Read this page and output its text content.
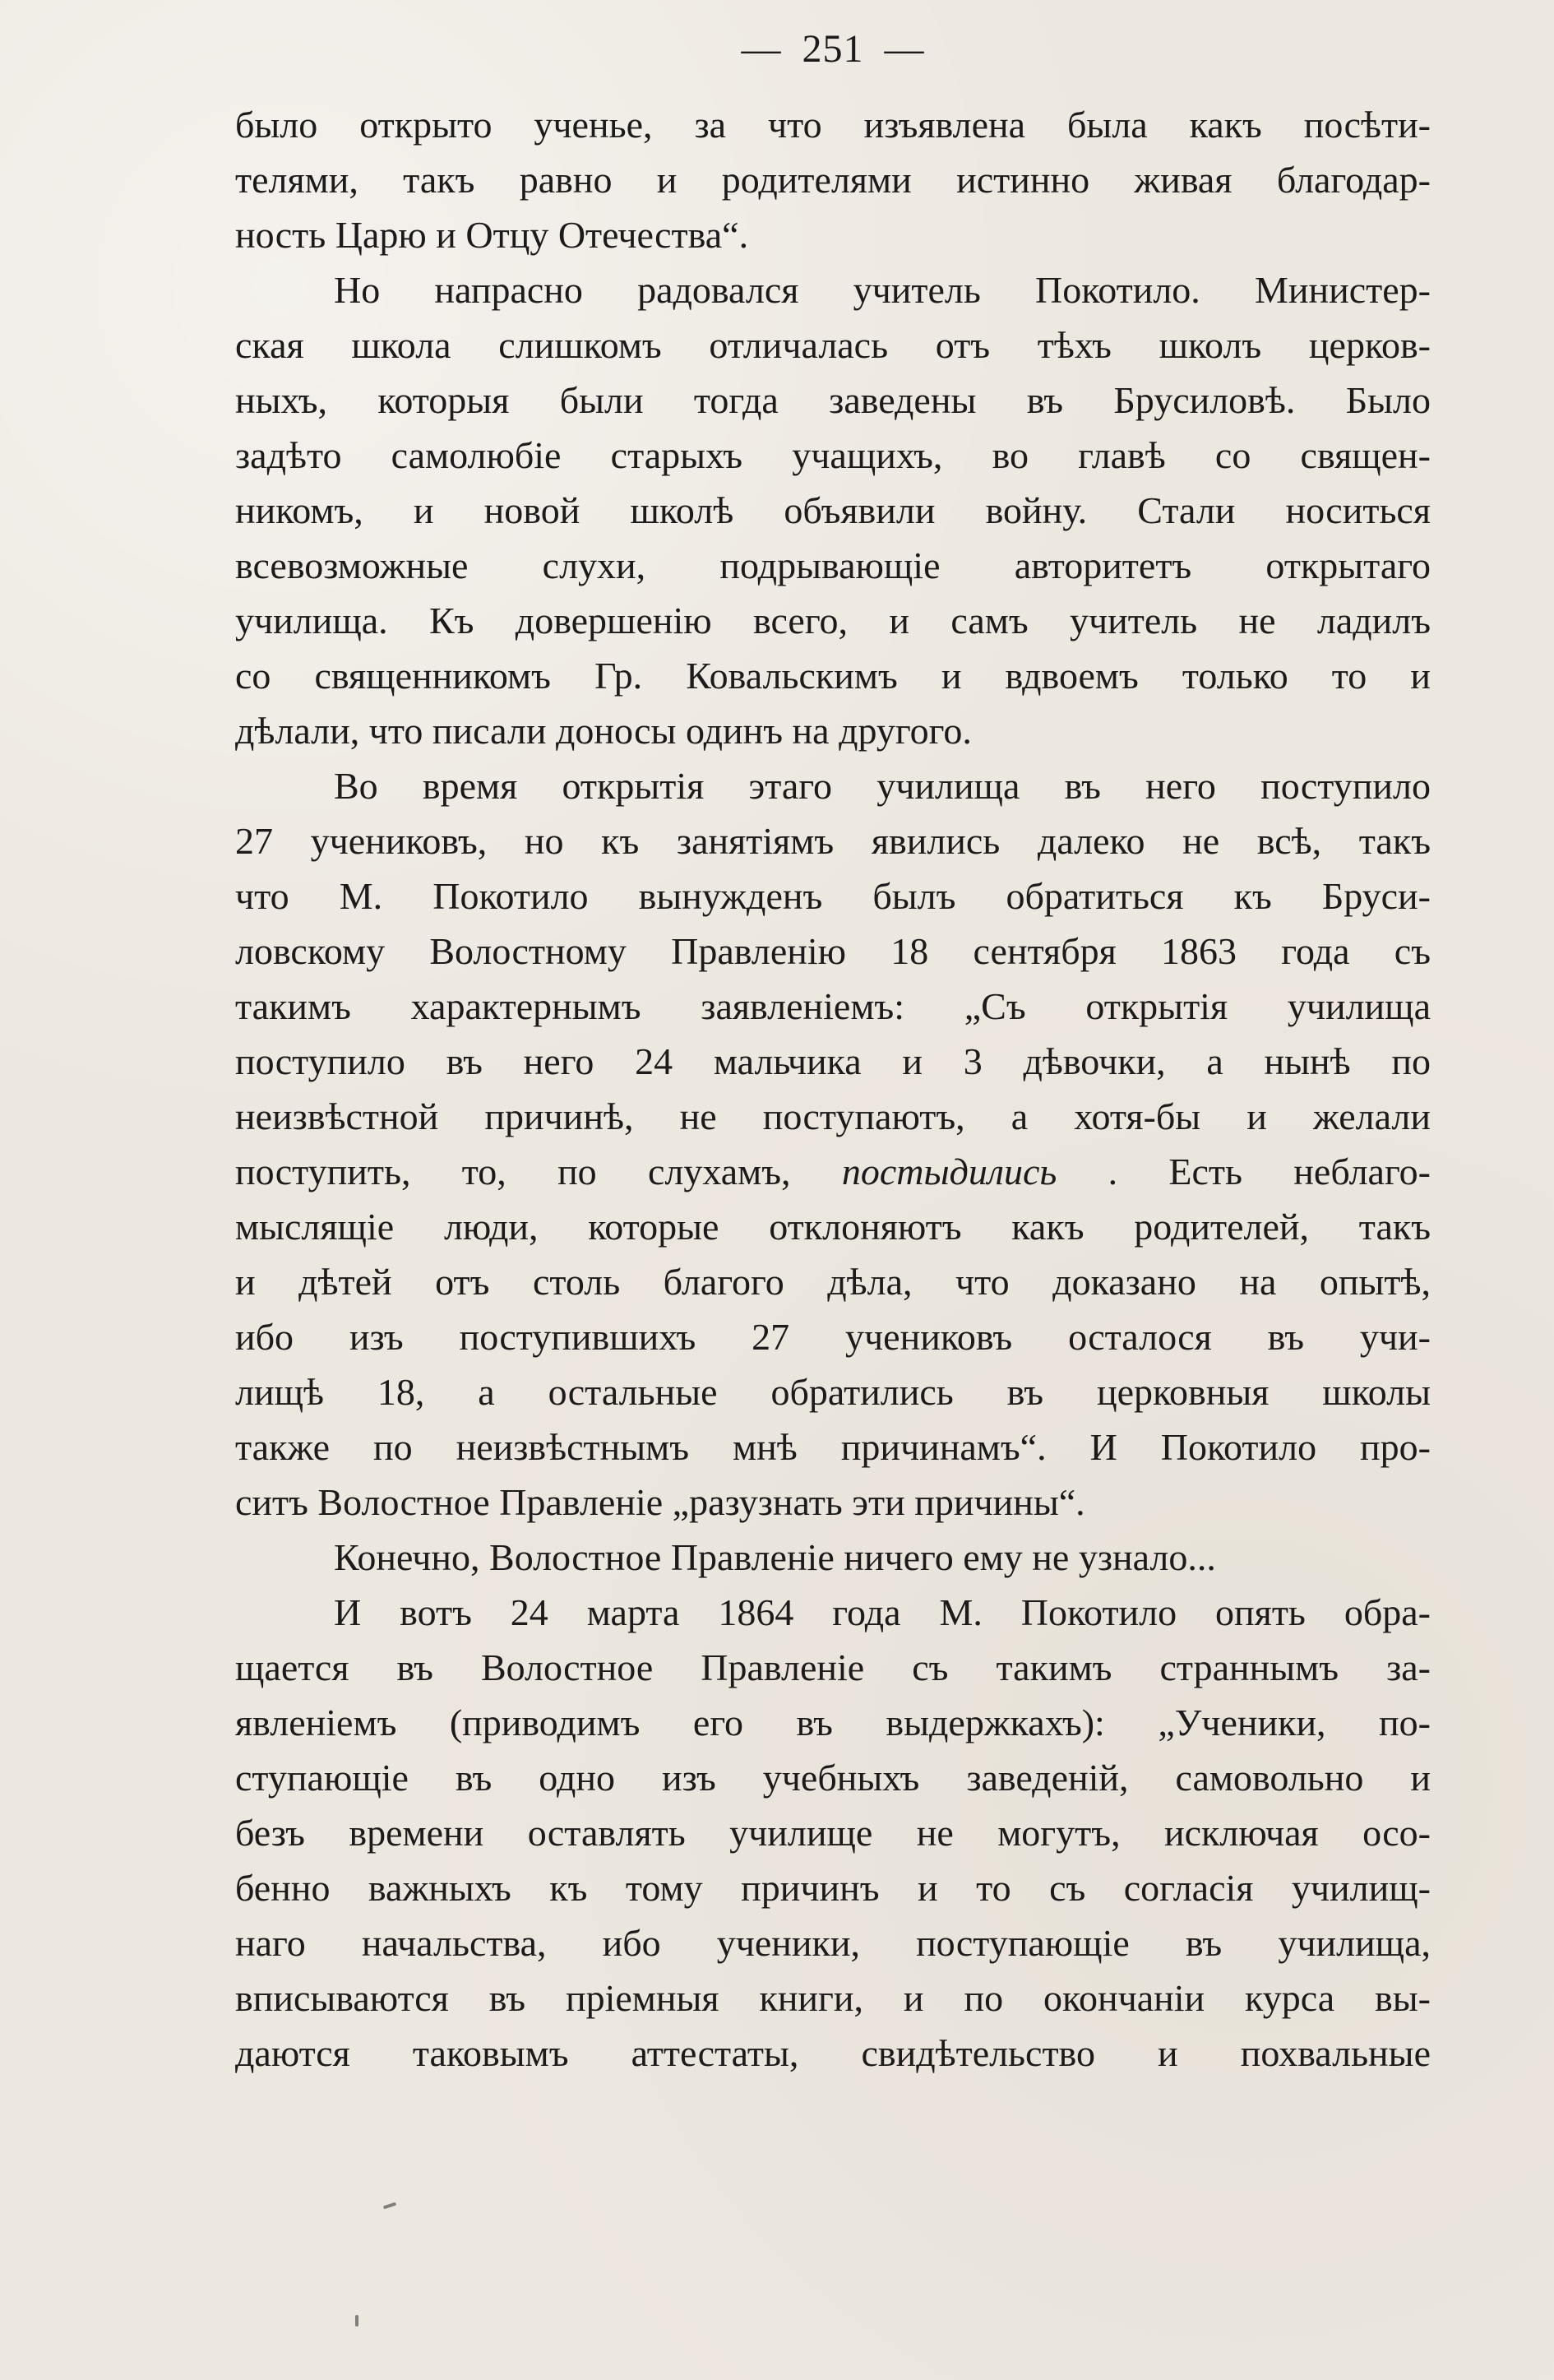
— 251 —
было открыто ученье, за что изъявлена была какъ посѣти-
телями, такъ равно и родителями истинно живая благодар-
ность Царю и Отцу Отечества“.
Но напрасно радовался учитель Покотило. Министер-
ская школа слишкомъ отличалась отъ тѣхъ школъ церков-
ныхъ, которыя были тогда заведены въ Брусиловѣ. Было
задѣто самолюбіе старыхъ учащихъ, во главѣ со священ-
никомъ, и новой школѣ объявили войну. Стали носиться
всевозможные слухи, подрывающіе авторитетъ открытаго
училища. Къ довершенію всего, и самъ учитель не ладилъ
со священникомъ Гр. Ковальскимъ и вдвоемъ только то и
дѣлали, что писали доносы одинъ на другого.
Во время открытія этаго училища въ него поступило
27 учениковъ, но къ занятіямъ явились далеко не всѣ, такъ
что М. Покотило вынужденъ былъ обратиться къ Бруси-
ловскому Волостному Правленію 18 сентября 1863 года съ
такимъ характернымъ заявленіемъ: „Съ открытія училища
поступило въ него 24 мальчика и 3 дѣвочки, а нынѣ по
неизвѣстной причинѣ, не поступаютъ, а хотя-бы и желали
поступить, то, по слухамъ, постыдились . Есть неблаго-
мыслящіе люди, которые отклоняютъ какъ родителей, такъ
и дѣтей отъ столь благого дѣла, что доказано на опытѣ,
ибо изъ поступившихъ 27 учениковъ осталося въ учи-
лищѣ 18, а остальные обратились въ церковныя школы
также по неизвѣстнымъ мнѣ причинамъ“. И Покотило про-
ситъ Волостное Правленіе „разузнать эти причины“.
Конечно, Волостное Правленіе ничего ему не узнало...
И вотъ 24 марта 1864 года М. Покотило опять обра-
щается въ Волостное Правленіе съ такимъ страннымъ за-
явленіемъ (приводимъ его въ выдержкахъ): „Ученики, по-
ступающіе въ одно изъ учебныхъ заведеній, самовольно и
безъ времени оставлять училище не могутъ, исключая осо-
бенно важныхъ къ тому причинъ и то съ согласія училищ-
наго начальства, ибо ученики, поступающіе въ училища,
вписываются въ пріемныя книги, и по окончаніи курса вы-
даются таковымъ аттестаты, свидѣтельство и похвальные
